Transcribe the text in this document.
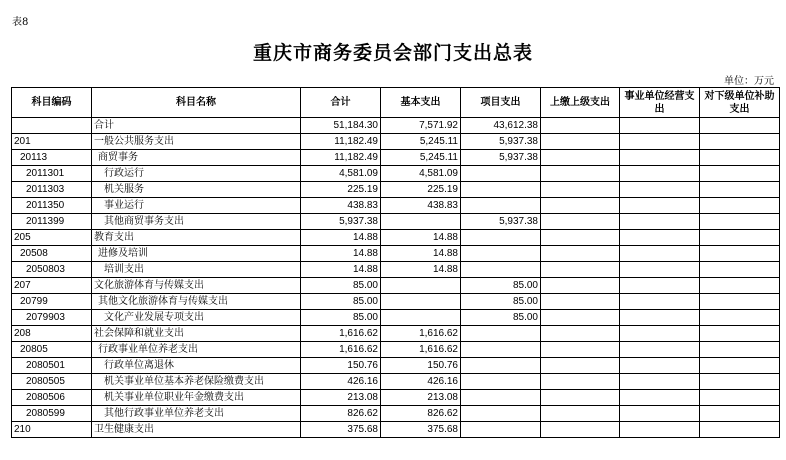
表8
重庆市商务委员会部门支出总表
单位：万元
科目编码	科目名称	合计	基本支出	项目支出	上缴上级支出	事业单位经营支出	对下级单位补助支出
	合计	51,184.30	7,571.92	43,612.38			
201	一般公共服务支出	11,182.49	5,245.11	5,937.38			
20113	商贸事务	11,182.49	5,245.11	5,937.38			
2011301	行政运行	4,581.09	4,581.09				
2011303	机关服务	225.19	225.19				
2011350	事业运行	438.83	438.83				
2011399	其他商贸事务支出	5,937.38		5,937.38			
205	教育支出	14.88	14.88				
20508	进修及培训	14.88	14.88				
2050803	培训支出	14.88	14.88				
207	文化旅游体育与传媒支出	85.00		85.00			
20799	其他文化旅游体育与传媒支出	85.00		85.00			
2079903	文化产业发展专项支出	85.00		85.00			
208	社会保障和就业支出	1,616.62	1,616.62				
20805	行政事业单位养老支出	1,616.62	1,616.62				
2080501	行政单位离退休	150.76	150.76				
2080505	机关事业单位基本养老保险缴费支出	426.16	426.16				
2080506	机关事业单位职业年金缴费支出	213.08	213.08				
2080599	其他行政事业单位养老支出	826.62	826.62				
210	卫生健康支出	375.68	375.68				
